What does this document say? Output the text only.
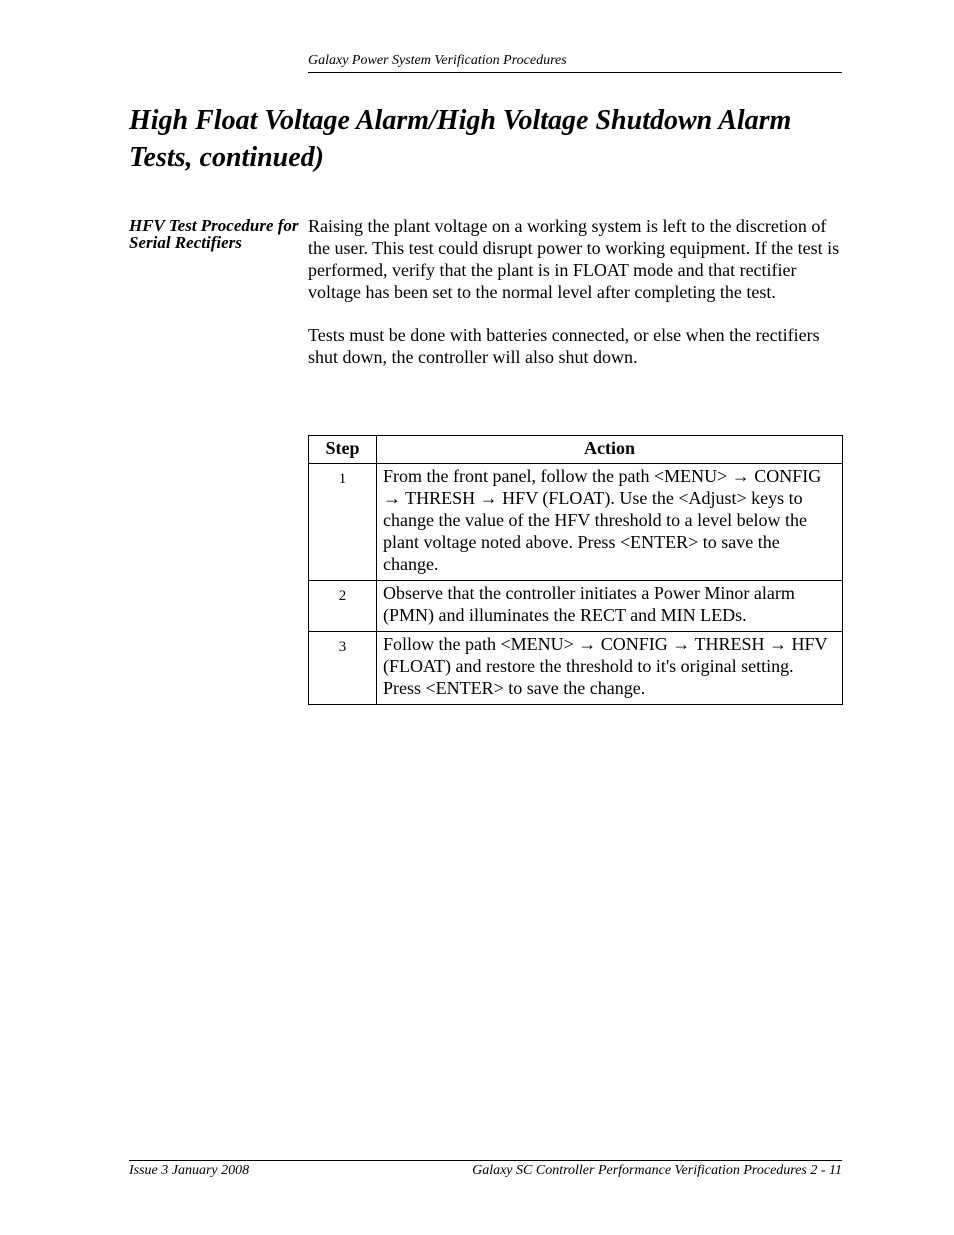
Galaxy Power System Verification Procedures
High Float Voltage Alarm/High Voltage Shutdown Alarm Tests, continued)
HFV Test Procedure for Serial Rectifiers

Raising the plant voltage on a working system is left to the discretion of the user. This test could disrupt power to working equipment. If the test is performed, verify that the plant is in FLOAT mode and that rectifier voltage has been set to the normal level after completing the test.

Tests must be done with batteries connected, or else when the rectifiers shut down, the controller will also shut down.

Step	Action
1	From the front panel, follow the path <MENU> → CONFIG → THRESH → HFV (FLOAT). Use the <Adjust> keys to change the value of the HFV threshold to a level below the plant voltage noted above. Press <ENTER> to save the change.
2	Observe that the controller initiates a Power Minor alarm (PMN) and illuminates the RECT and MIN LEDs.
3	Follow the path <MENU> → CONFIG → THRESH → HFV (FLOAT) and restore the threshold to it's original setting. Press <ENTER> to save the change.
Issue 3 January 2008	Galaxy SC Controller Performance Verification Procedures 2 - 11
